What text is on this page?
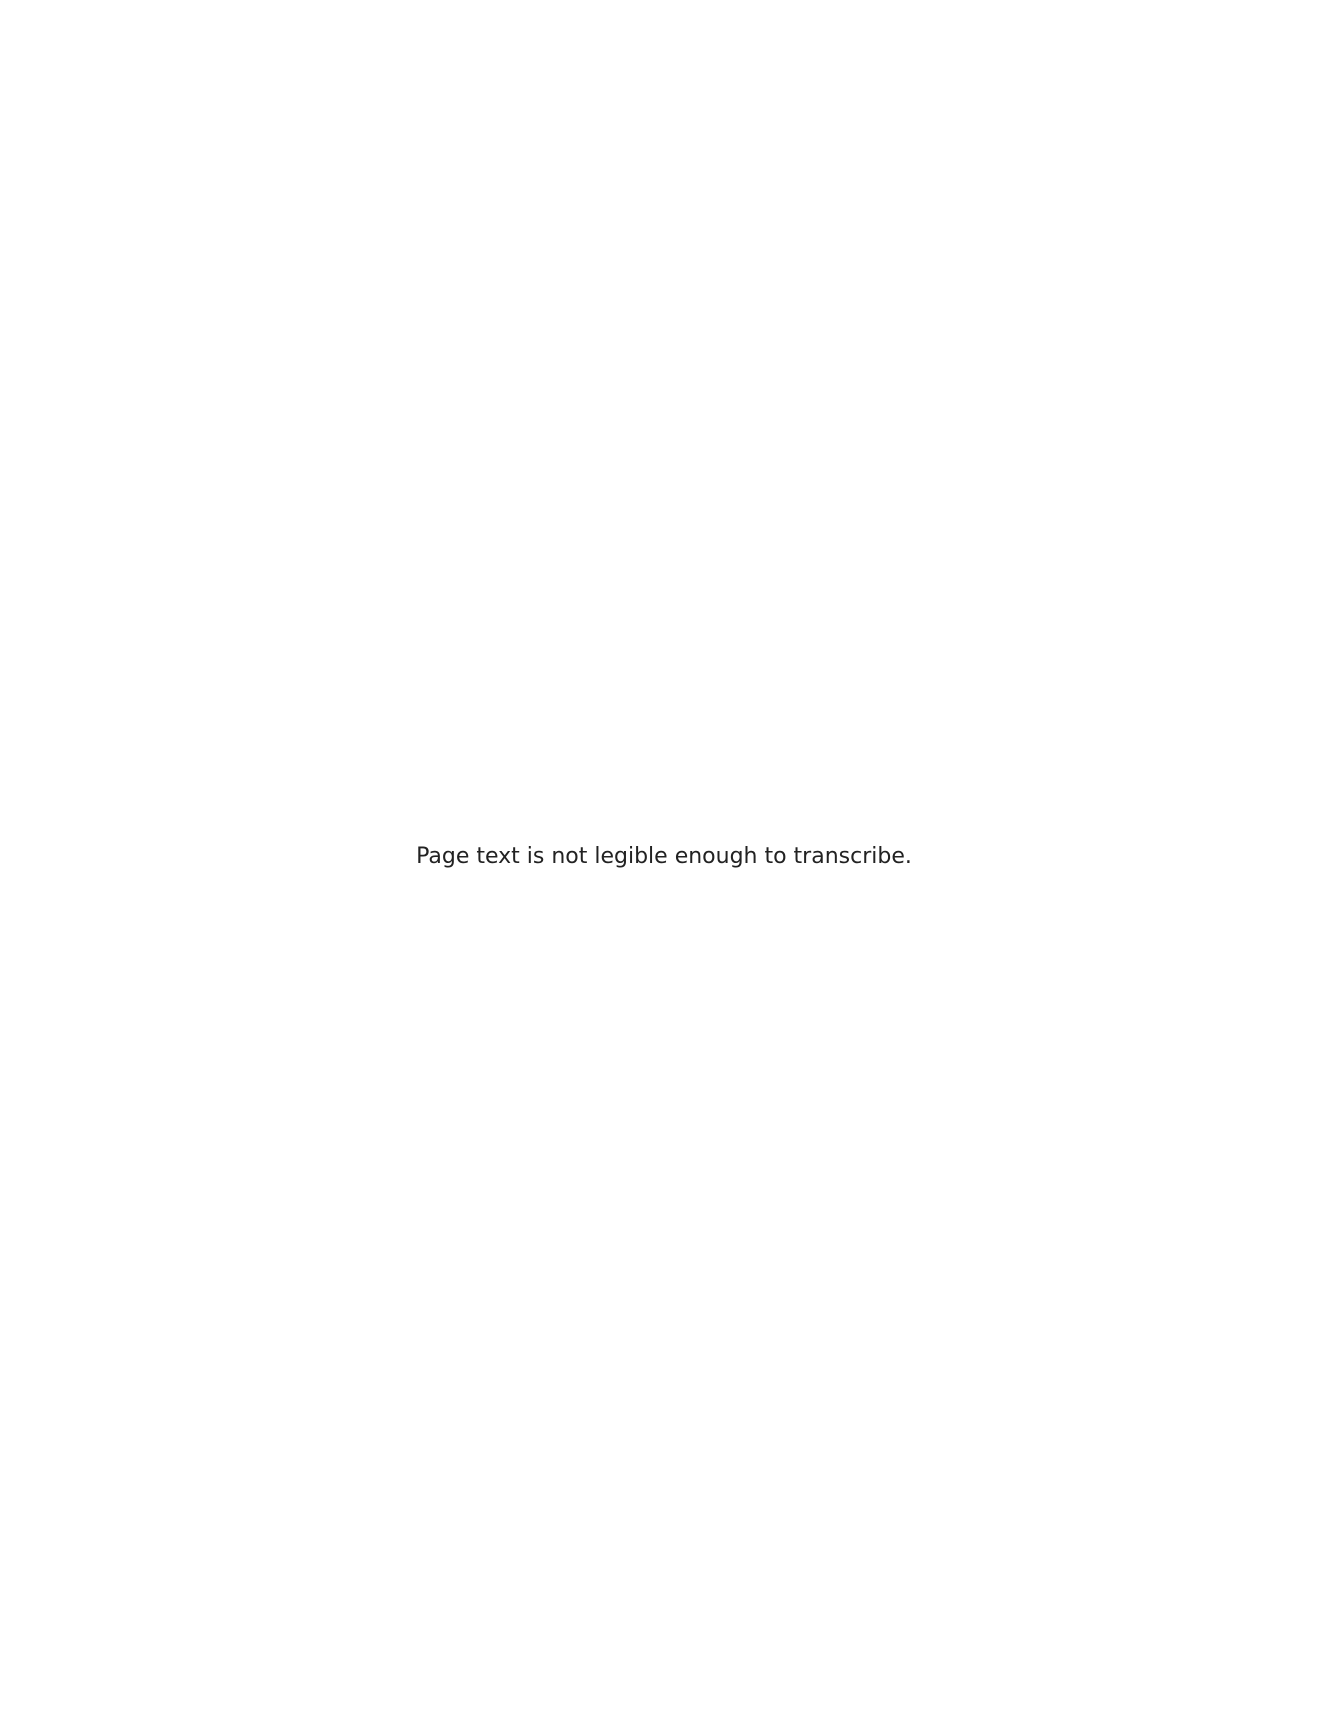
Page text is not legible enough to transcribe.
